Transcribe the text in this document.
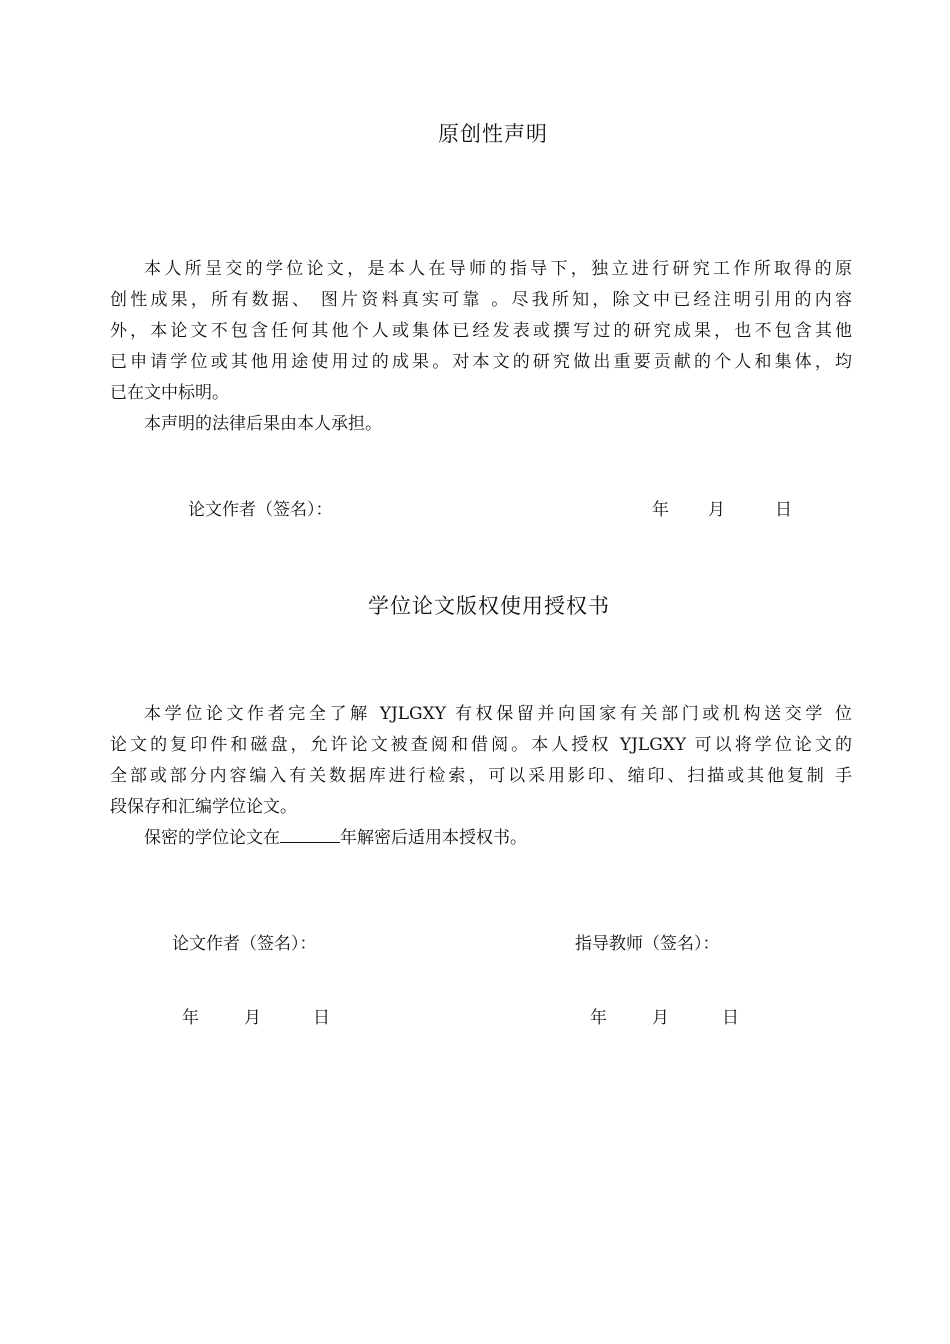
原创性声明
本人所呈交的学位论文，是本人在导师的指导下，独立进行研究工作所取得的原
创性成果，所有数据、 图片资料真实可靠 。尽我所知，除文中已经注明引用的内容
外，本论文不包含任何其他个人或集体已经发表或撰写过的研究成果，也不包含其他
已申请学位或其他用途使用过的成果。对本文的研究做出重要贡献的个人和集体，均
已在文中标明。
本声明的法律后果由本人承担。
论文作者（签名）：	年 月	日
学位论文版权使用授权书
本学位论文作者完全了解 YJLGXY 有权保留并向国家有关部门或机构送交学 位
论文的复印件和磁盘，允许论文被查阅和借阅。本人授权 YJLGXY 可以将学位论文的
全部或部分内容编入有关数据库进行检索，可以采用影印、缩印、扫描或其他复制 手
段保存和汇编学位论文。
保密的学位论文在	年解密后适用本授权书。
论文作者（签名）：	指导教师（签名）：
年	月	日	年	月	日
